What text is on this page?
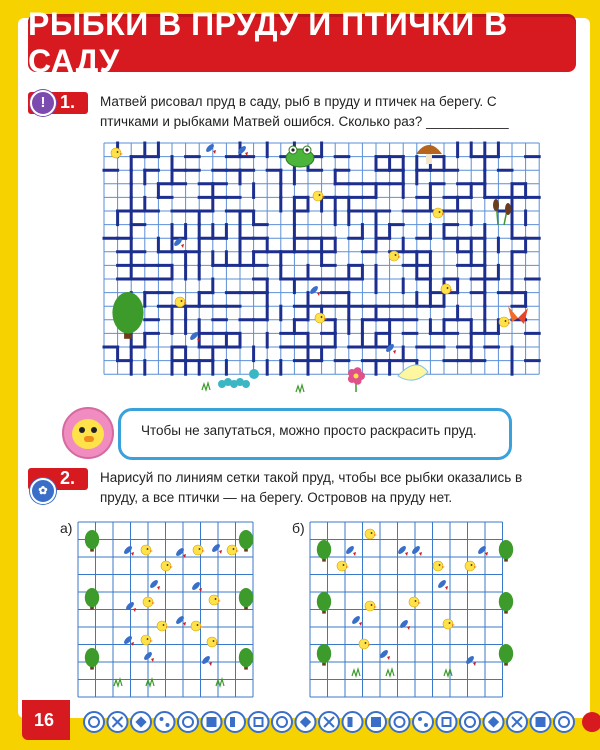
РЫБКИ В ПРУДУ И ПТИЧКИ В САДУ
1.
!	Матвей рисовал пруд в саду, рыб в пруду и птичек на берегу. С
птичками и рыбками Матвей ошибся. Сколько раз? ___________
Чтобы не запутаться, можно просто раскрасить пруд.
2.
✿
Нарисуй по линиям сетки такой пруд, чтобы все рыбки оказались в
пруду, а все птички — на берегу. Островов на пруду нет.
а)	б)
16
